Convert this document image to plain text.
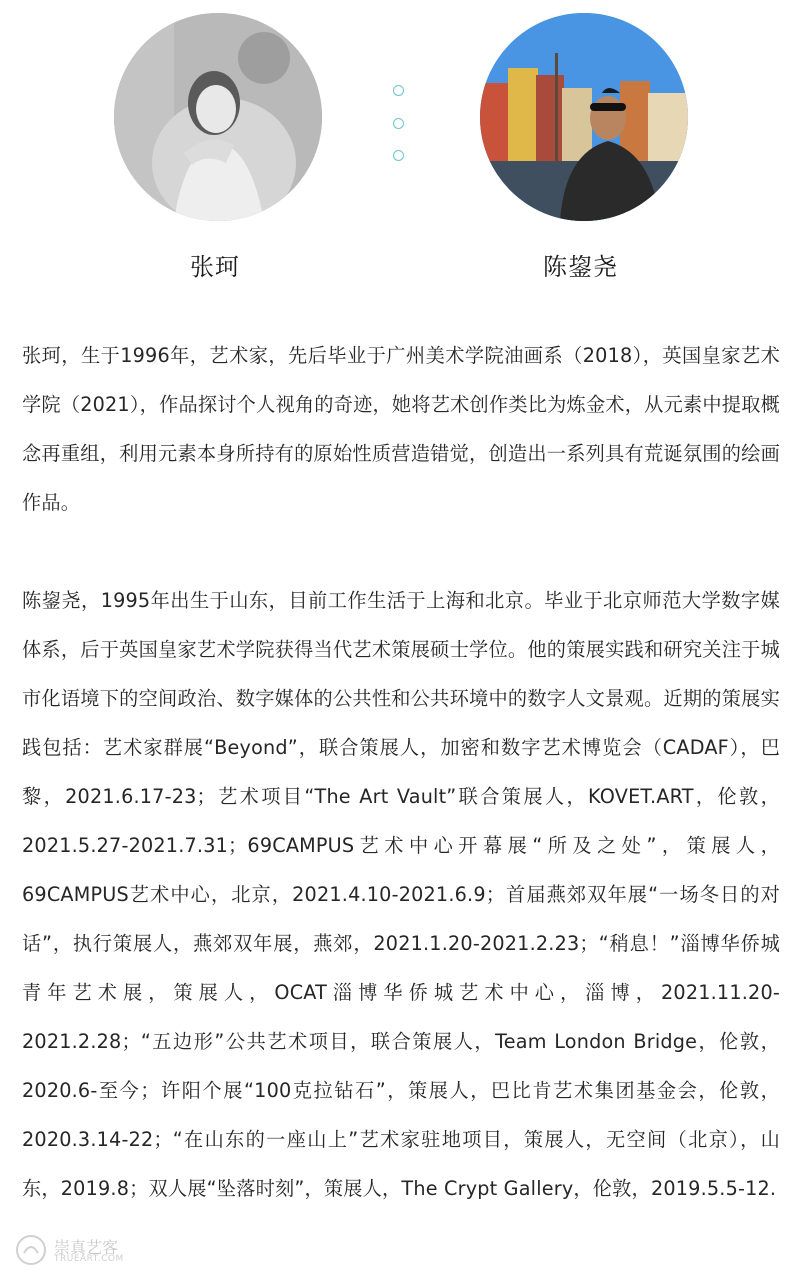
张珂	陈鋆尧

张珂，生于1996年，艺术家，先后毕业于广州美术学院油画系（2018），英国皇家艺术学院（2021），作品探讨个人视角的奇迹，她将艺术创作类比为炼金术，从元素中提取概念再重组，利用元素本身所持有的原始性质营造错觉，创造出一系列具有荒诞氛围的绘画作品。

陈鋆尧，1995年出生于山东，目前工作生活于上海和北京。毕业于北京师范大学数字媒体系，后于英国皇家艺术学院获得当代艺术策展硕士学位。他的策展实践和研究关注于城市化语境下的空间政治、数字媒体的公共性和公共环境中的数字人文景观。近期的策展实践包括：艺术家群展“Beyond”，联合策展人，加密和数字艺术博览会（CADAF），巴黎，2021.6.17-23；艺术项目“The Art Vault”联合策展人，KOVET.ART，伦敦，2021.5.27-2021.7.31；69CAMPUS艺术中心开幕展“所及之处”，策展人，69CAMPUS艺术中心，北京，2021.4.10-2021.6.9；首届燕郊双年展“一场冬日的对话”，执行策展人，燕郊双年展，燕郊，2021.1.20-2021.2.23；“稍息！”淄博华侨城青年艺术展，策展人，OCAT淄博华侨城艺术中心，淄博，2021.11.20-2021.2.28；“五边形”公共艺术项目，联合策展人，Team London Bridge，伦敦，2020.6-至今；许阳个展“100克拉钻石”，策展人，巴比肯艺术集团基金会，伦敦，2020.3.14-22；“在山东的一座山上”艺术家驻地项目，策展人，无空间（北京），山东，2019.8；双人展“坠落时刻”，策展人，The Crypt Gallery，伦敦，2019.5.5-12.

崇真艺客
TRUEART.COM
